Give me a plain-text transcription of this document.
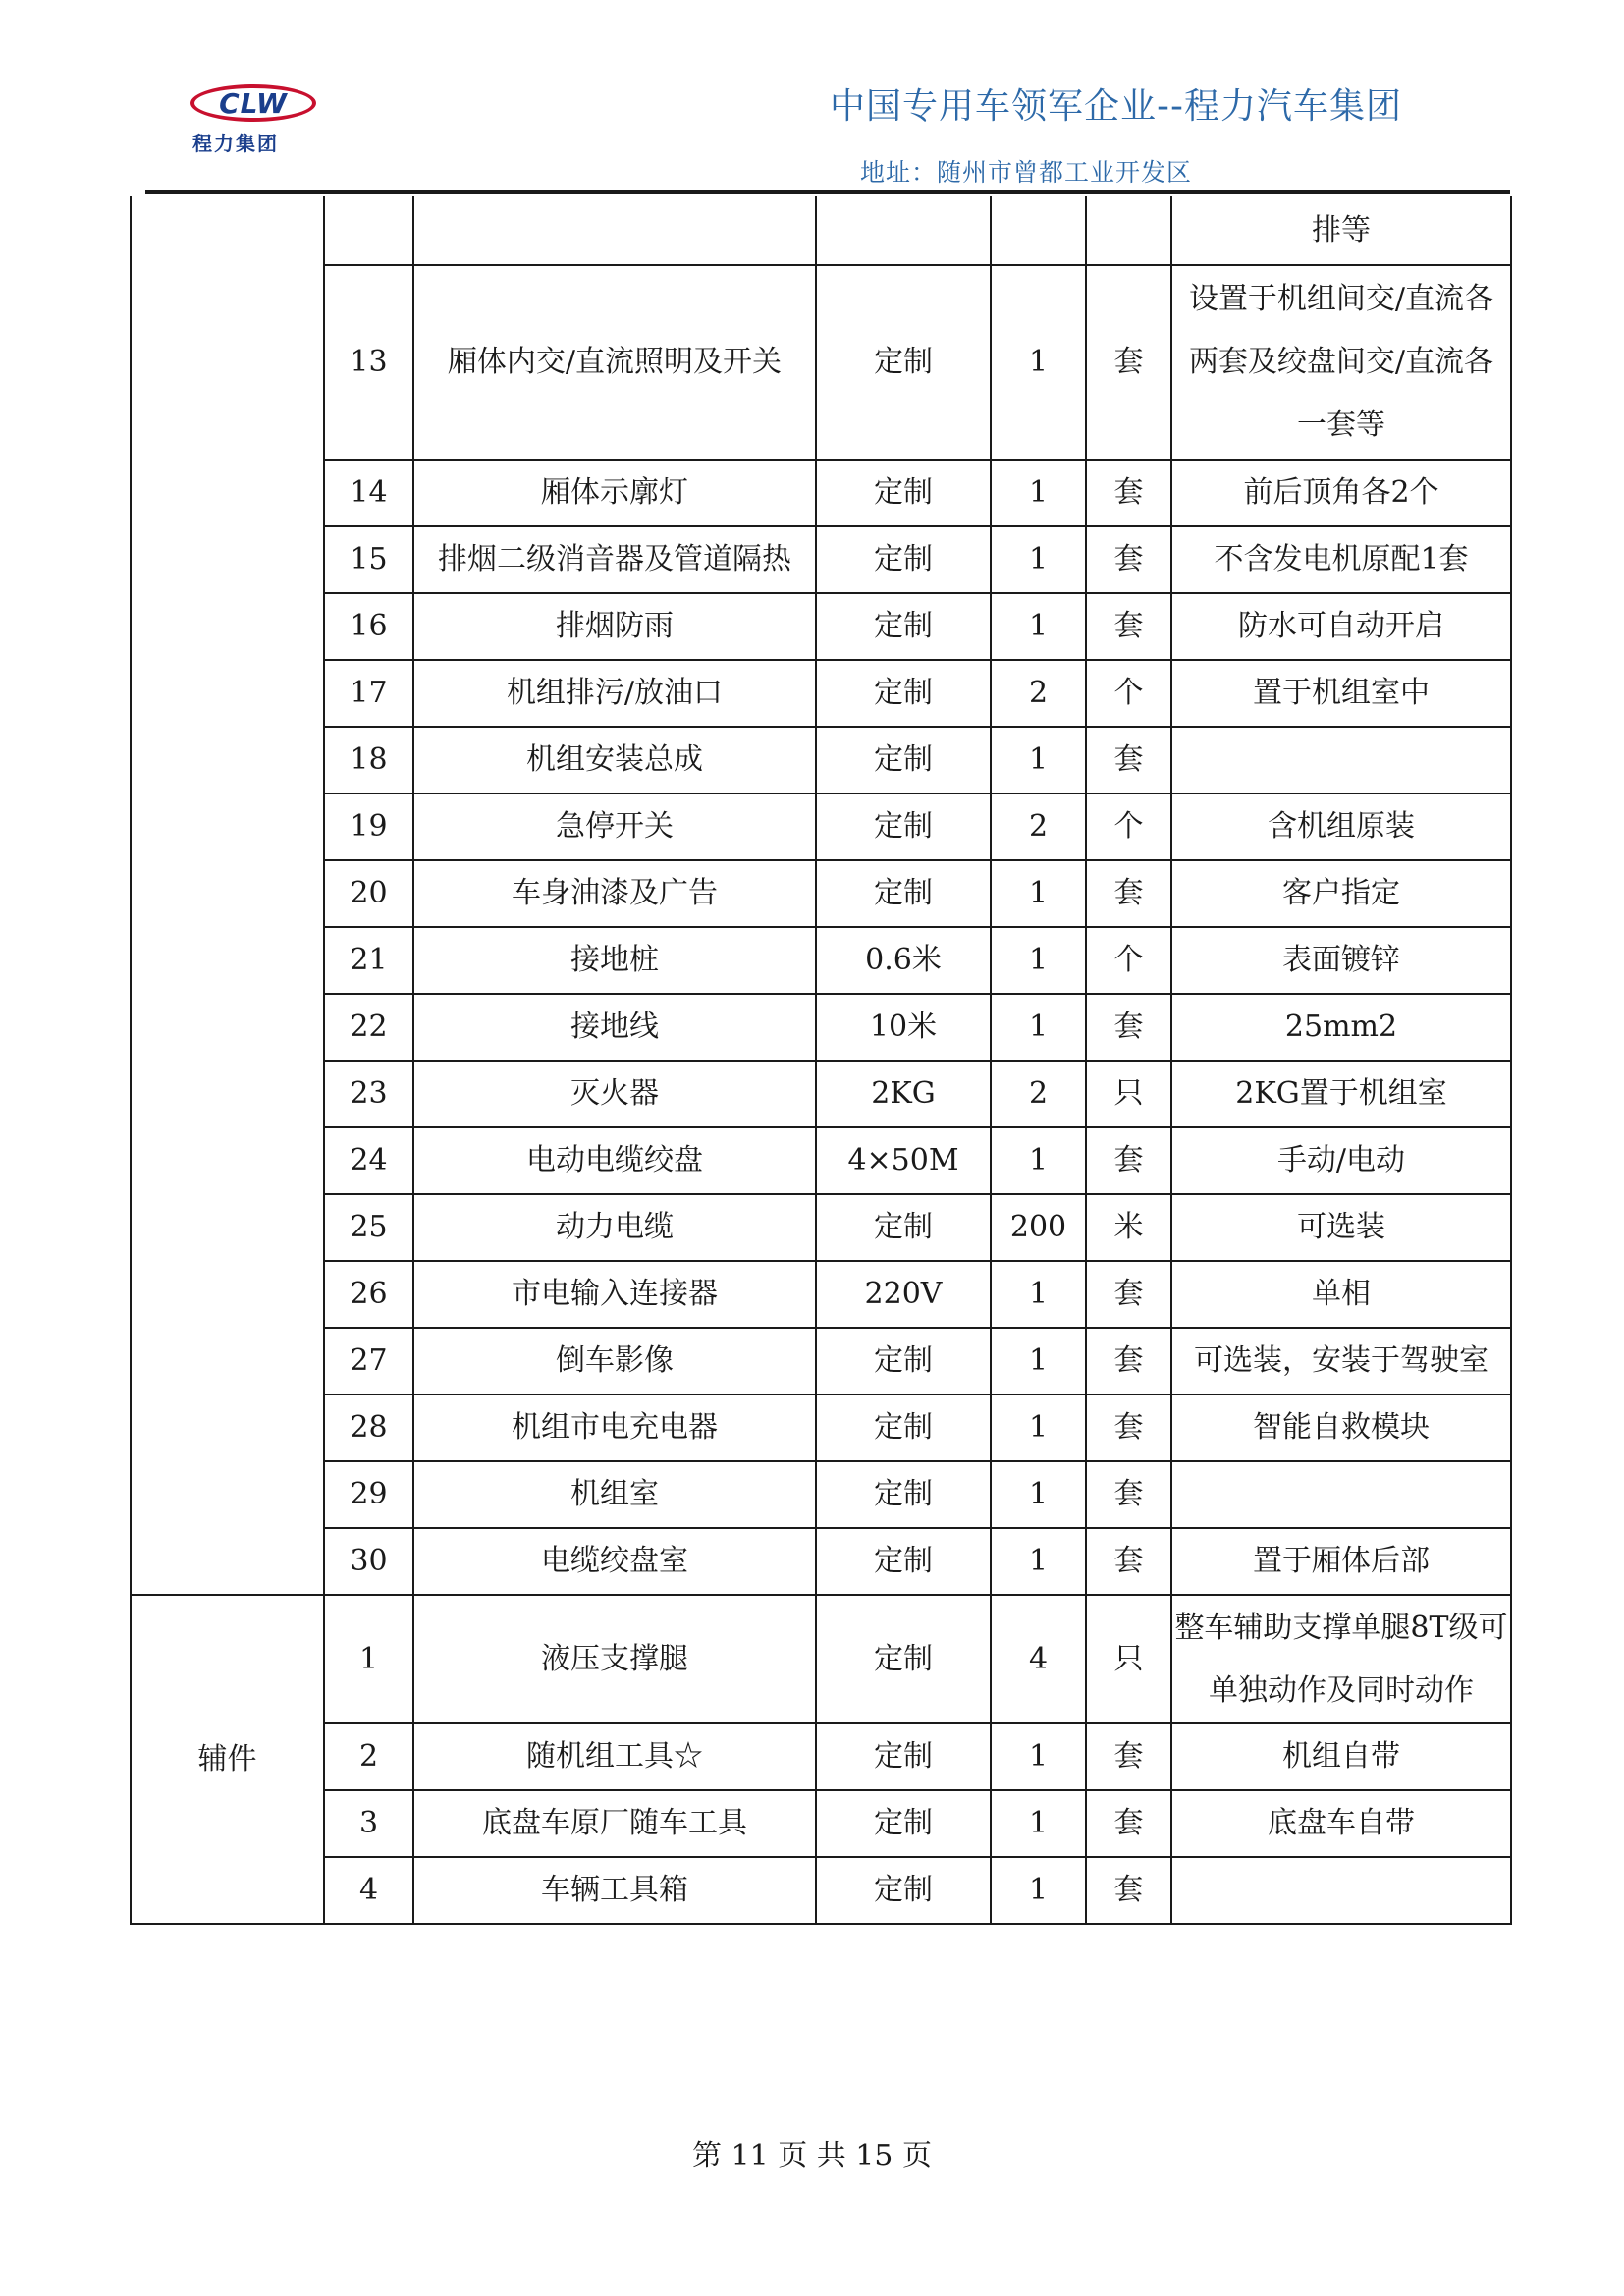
CLW
程力集团
中国专用车领军企业--程力汽车集团
地址：随州市曾都工业开发区
						排等
	13	厢体内交/直流照明及开关	定制	1	套	设置于机组间交/直流各两套及绞盘间交/直流各一套等
	14	厢体示廓灯	定制	1	套	前后顶角各2个
	15	排烟二级消音器及管道隔热	定制	1	套	不含发电机原配1套
	16	排烟防雨	定制	1	套	防水可自动开启
	17	机组排污/放油口	定制	2	个	置于机组室中
	18	机组安装总成	定制	1	套	
	19	急停开关	定制	2	个	含机组原装
	20	车身油漆及广告	定制	1	套	客户指定
	21	接地桩	0.6米	1	个	表面镀锌
	22	接地线	10米	1	套	25mm2
	23	灭火器	2KG	2	只	2KG置于机组室
	24	电动电缆绞盘	4×50M	1	套	手动/电动
	25	动力电缆	定制	200	米	可选装
	26	市电输入连接器	220V	1	套	单相
	27	倒车影像	定制	1	套	可选装，安装于驾驶室
	28	机组市电充电器	定制	1	套	智能自救模块
	29	机组室	定制	1	套	
	30	电缆绞盘室	定制	1	套	置于厢体后部
辅件	1	液压支撑腿	定制	4	只	整车辅助支撑单腿8T级可单独动作及同时动作
	2	随机组工具☆	定制	1	套	机组自带
	3	底盘车原厂随车工具	定制	1	套	底盘车自带
	4	车辆工具箱	定制	1	套	
第 11 页 共 15 页
